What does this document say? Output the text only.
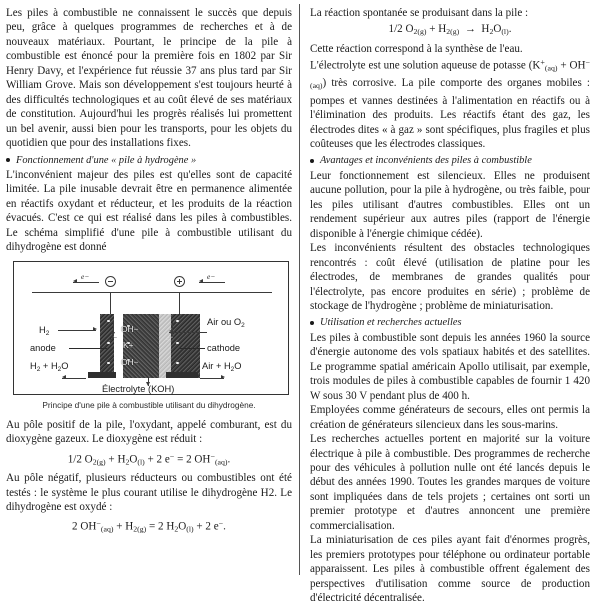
Les piles à combustible ne connaissent le succès que depuis peu, grâce à quelques programmes de recherches et à de nouveaux matériaux. Pourtant, le principe de la pile à combustible est énoncé pour la première fois en 1802 par Sir Henry Davy, et l'expérience fut réussie 37 ans plus tard par Sir William Grove. Mais son développement s'est toujours heurté à des difficultés technologiques et au coût élevé de ses matériaux de constitution. Aujourd'hui les progrès réalisés lui promettent un bel avenir, aussi bien pour les transports, pour les objets du quotidien que pour des installations fixes.

Fonctionnement d'une « pile à hydrogène »

L'inconvénient majeur des piles est qu'elles sont de capacité limitée. La pile inusable devrait être en permanence alimentée en réactifs oxydant et réducteur, et les produits de la réaction évacués. C'est ce qui est réalisé dans les piles à combustibles. Le schéma simplifié d'une pile à combustible utilisant du dihydrogène est donné

e−	e−
e−	e−
OH−
K+
OH−
$H_2$
Air ou $O_2$
anode	cathode
$H_2 + H_2O$	Air + $H_2O$
Électrolyte (KOH)
Principe d'une pile à combustible utilisant du dihydrogène.

Au pôle positif de la pile, l'oxydant, appelé comburant, est du dioxygène gazeux. Le dioxygène est réduit :

1/2 $O_{2(g)} + H_2O_{(l)} + 2$ e− = 2 $OH^-_{(aq)}$.

Au pôle négatif, plusieurs réducteurs ou combustibles ont été testés : le système le plus courant utilise le dihydrogène H2. Le dihydrogène est oxydé :

2 $OH^-_{(aq)} + H_{2(g)} = 2$ $H_2O_{(l)} + 2$ e−.

La réaction spontanée se produisant dans la pile :

1/2 $O_{2(g)} + H_{2(g)} \to H_2O_{(l)}$.

Cette réaction correspond à la synthèse de l'eau.

L'électrolyte est une solution aqueuse de potasse $(K^+_{(aq)} + OH^-_{(aq)})$ très corrosive. La pile comporte des organes mobiles : pompes et vannes destinées à l'alimentation en réactifs ou à l'élimination des produits. Les réactifs étant des gaz, les électrodes dites « à gaz » sont spécifiques, plus fragiles et plus coûteuses que les électrodes classiques.

Avantages et inconvénients des piles à combustible

Leur fonctionnement est silencieux. Elles ne produisent aucune pollution, pour la pile à hydrogène, ou très faible, pour les piles utilisant d'autres combustibles. Elles ont un rendement supérieur aux autres piles (rapport de l'énergie disponible à l'énergie chimique cédée).

Les inconvénients résultent des obstacles technologiques rencontrés : coût élevé (utilisation de platine pour les électrodes, de membranes de grandes qualités pour l'électrolyte, pas encore produites en série) ; problème de stockage de l'hydrogène ; problème de miniaturisation.

Utilisation et recherches actuelles

Les piles à combustible sont depuis les années 1960 la source d'énergie autonome des vols spatiaux habités et des satellites. Le programme spatial américain Apollo utilisait, par exemple, trois modules de piles à combustible capables de fournir 1 420 W sous 30 V pendant plus de 400 h.

Employées comme générateurs de secours, elles ont permis la création de générateurs silencieux dans les sous-marins.

Les recherches actuelles portent en majorité sur la voiture électrique à pile à combustible. Des programmes de recherche pour des véhicules à pollution nulle ont été lancés depuis le début des années 1990. Toutes les grandes marques de voiture sont impliquées dans de tels projets ; certaines ont sorti un premier prototype et d'autres annoncent une première commercialisation.

La miniaturisation de ces piles ayant fait d'énormes progrès, les premiers prototypes pour téléphone ou ordinateur portable apparaissent. Les piles à combustible offrent également des perspectives d'utilisation comme source de production d'électricité décentralisée.
